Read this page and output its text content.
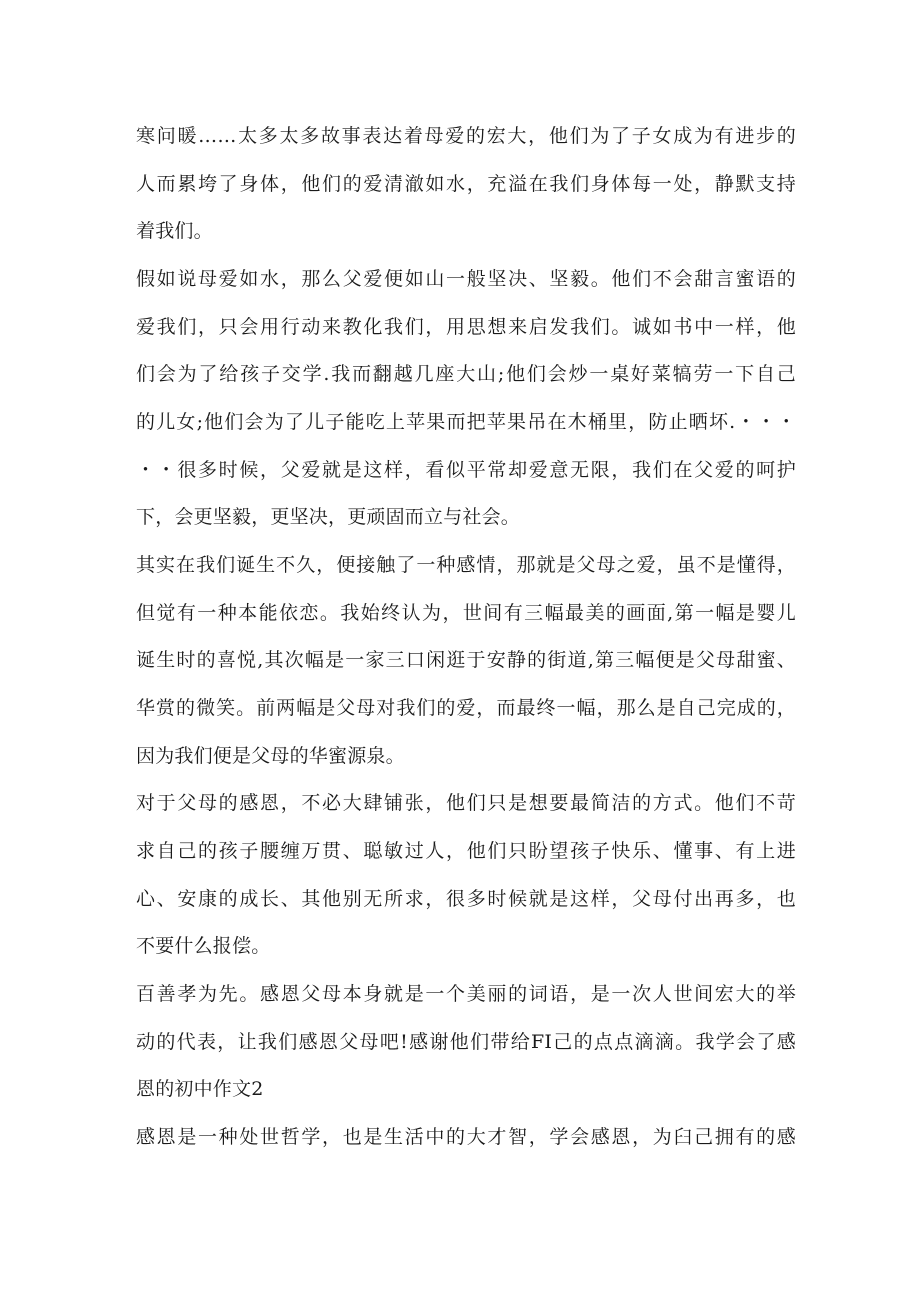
寒问暖……太多太多故事表达着母爱的宏大，他们为了子女成为有进步的

人而累垮了身体，他们的爱清澈如水，充溢在我们身体每一处，静默支持

着我们。

假如说母爱如水，那么父爱便如山一般坚决、坚毅。他们不会甜言蜜语的

爱我们，只会用行动来教化我们，用思想来启发我们。诚如书中一样，他

们会为了给孩子交学.我而翻越几座大山;他们会炒一桌好菜犒劳一下自己

的儿女;他们会为了儿子能吃上苹果而把苹果吊在木桶里，防止晒坏.・・・

・・很多时候，父爱就是这样，看似平常却爱意无限，我们在父爱的呵护

下，会更坚毅，更坚决，更顽固而立与社会。

其实在我们诞生不久，便接触了一种感情，那就是父母之爱，虽不是懂得，

但觉有一种本能依恋。我始终认为，世间有三幅最美的画面,第一幅是婴儿

诞生时的喜悦,其次幅是一家三口闲逛于安静的街道,第三幅便是父母甜蜜、

华赏的微笑。前两幅是父母对我们的爱，而最终一幅，那么是自己完成的，

因为我们便是父母的华蜜源泉。

对于父母的感恩，不必大肆铺张，他们只是想要最简洁的方式。他们不苛

求自己的孩子腰缠万贯、聪敏过人，他们只盼望孩子快乐、懂事、有上进

心、安康的成长、其他别无所求，很多时候就是这样，父母付出再多，也

不要什么报偿。

百善孝为先。感恩父母本身就是一个美丽的词语，是一次人世间宏大的举

动的代表，让我们感恩父母吧!感谢他们带给FI己的点点滴滴。我学会了感

恩的初中作文2

感恩是一种处世哲学，也是生活中的大才智，学会感恩，为臼己拥有的感
